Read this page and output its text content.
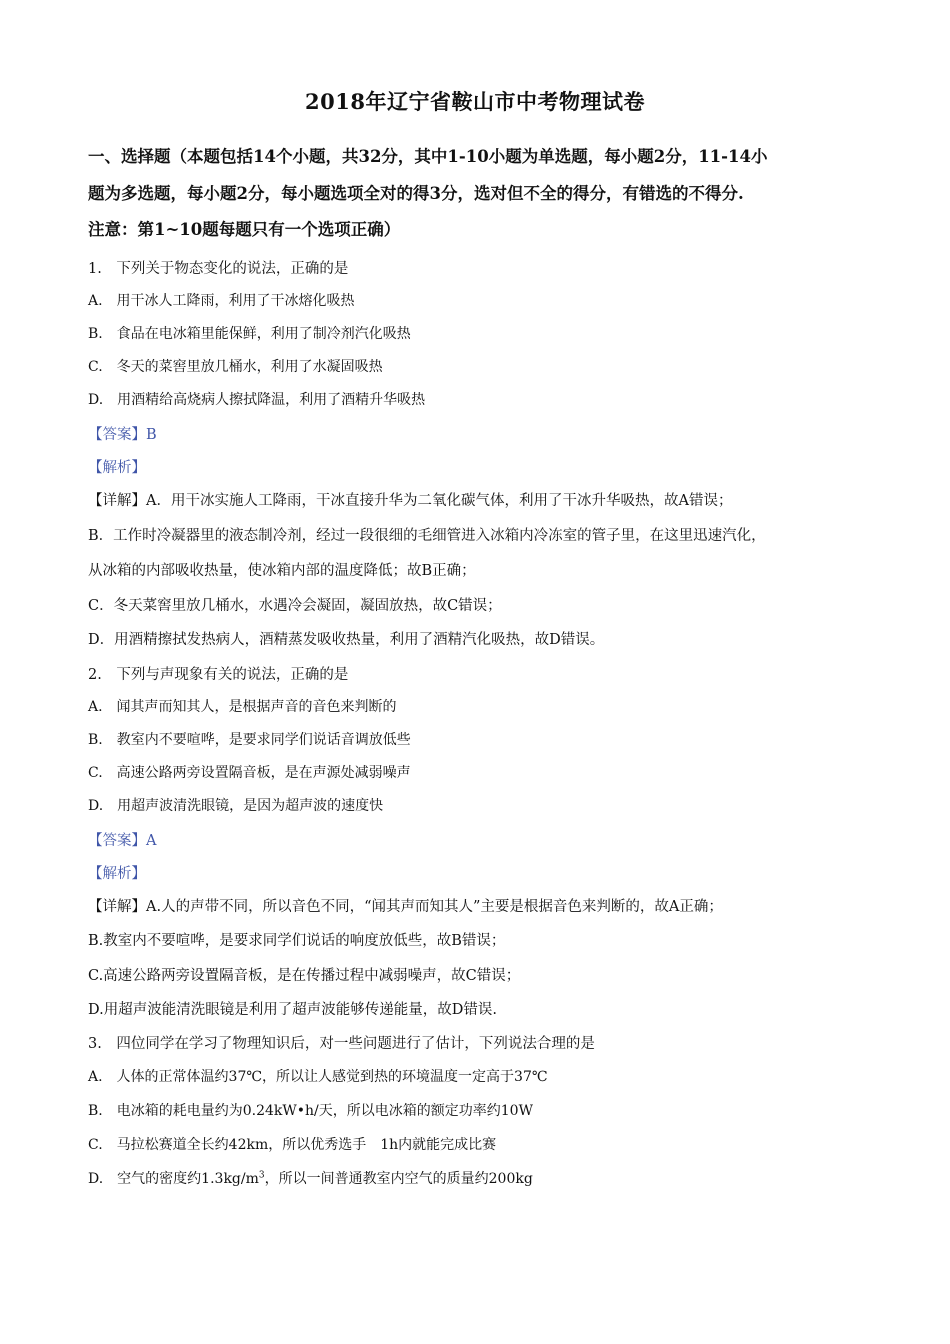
2018年辽宁省鞍山市中考物理试卷
一、选择题（本题包括14个小题，共32分，其中1-10小题为单选题，每小题2分，11-14小
题为多选题，每小题2分，每小题选项全对的得3分，选对但不全的得分，有错选的不得分.
注意：第1~10题每题只有一个选项正确）
1.　下列关于物态变化的说法，正确的是
A.　用干冰人工降雨，利用了干冰熔化吸热
B.　食品在电冰箱里能保鲜，利用了制冷剂汽化吸热
C.　冬天的菜窖里放几桶水，利用了水凝固吸热
D.　用酒精给高烧病人擦拭降温，利用了酒精升华吸热
【答案】B
【解析】
【详解】A．用干冰实施人工降雨，干冰直接升华为二氧化碳气体，利用了干冰升华吸热，故A错误；
B．工作时冷凝器里的液态制冷剂，经过一段很细的毛细管进入冰箱内冷冻室的管子里，在这里迅速汽化，
从冰箱的内部吸收热量，使冰箱内部的温度降低；故B正确；
C．冬天菜窖里放几桶水，水遇冷会凝固，凝固放热，故C错误；
D．用酒精擦拭发热病人，酒精蒸发吸收热量，利用了酒精汽化吸热，故D错误。
2.　下列与声现象有关的说法，正确的是
A.　闻其声而知其人，是根据声音的音色来判断的
B.　教室内不要喧哗，是要求同学们说话音调放低些
C.　高速公路两旁设置隔音板，是在声源处减弱噪声
D.　用超声波清洗眼镜，是因为超声波的速度快
【答案】A
【解析】
【详解】A.人的声带不同，所以音色不同，“闻其声而知其人”主要是根据音色来判断的，故A正确；
B.教室内不要喧哗，是要求同学们说话的响度放低些，故B错误；
C.高速公路两旁设置隔音板，是在传播过程中减弱噪声，故C错误；
D.用超声波能清洗眼镜是利用了超声波能够传递能量，故D错误.
3.　四位同学在学习了物理知识后，对一些问题进行了估计，下列说法合理的是
A.　人体的正常体温约37℃，所以让人感觉到热的环境温度一定高于37℃
B.　电冰箱的耗电量约为0.24kW•h/天，所以电冰箱的额定功率约10W
C.　马拉松赛道全长约42km，所以优秀选手　1h内就能完成比赛
D.　空气的密度约$1.3kg/m^3$，所以一间普通教室内空气的质量约200kg
